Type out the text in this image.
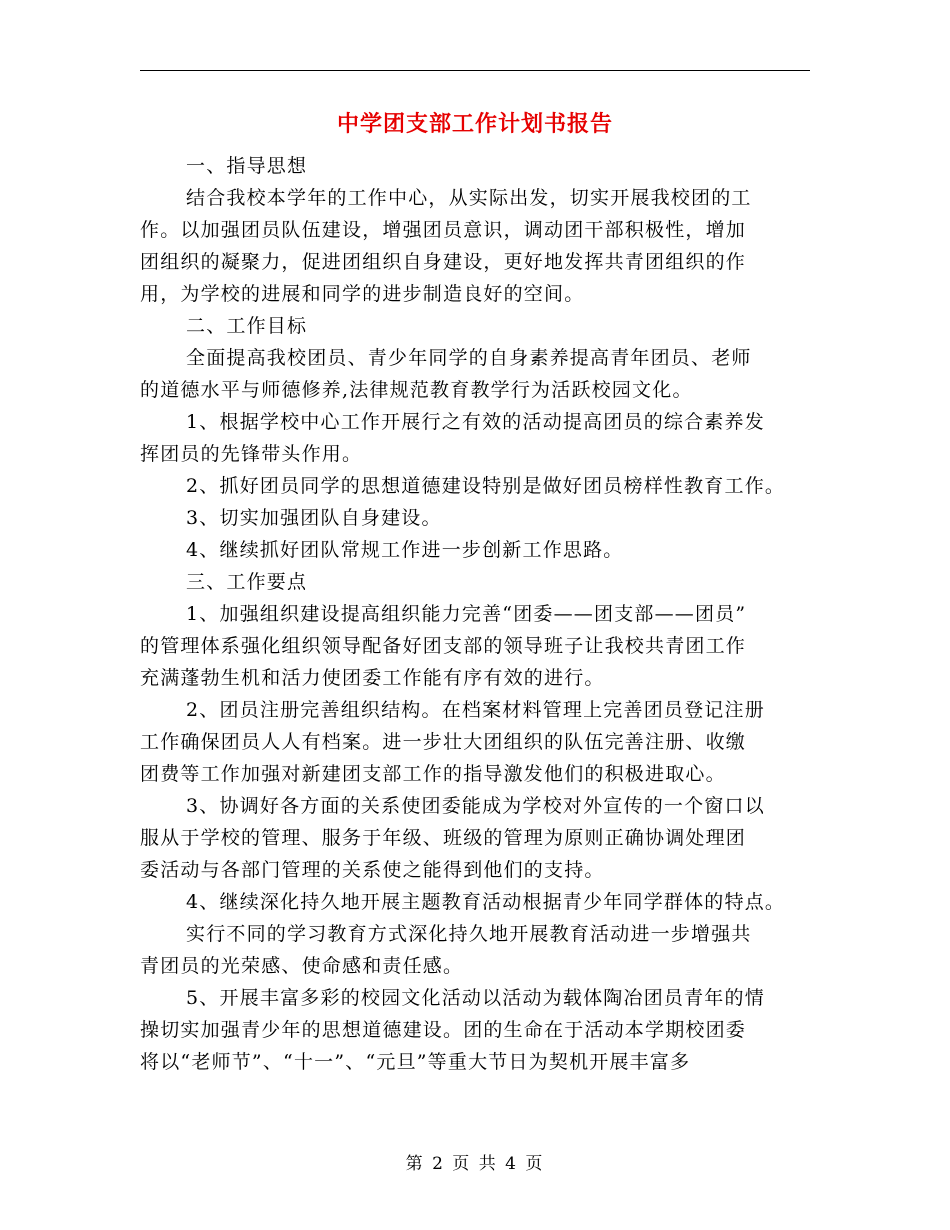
中学团支部工作计划书报告
一、指导思想
结合我校本学年的工作中心，从实际出发，切实开展我校团的工
作。以加强团员队伍建设，增强团员意识，调动团干部积极性，增加
团组织的凝聚力，促进团组织自身建设，更好地发挥共青团组织的作
用，为学校的进展和同学的进步制造良好的空间。
二、工作目标
全面提高我校团员、青少年同学的自身素养提高青年团员、老师
的道德水平与师德修养,法律规范教育教学行为活跃校园文化。
1、根据学校中心工作开展行之有效的活动提高团员的综合素养发
挥团员的先锋带头作用。
2、抓好团员同学的思想道德建设特别是做好团员榜样性教育工作。
3、切实加强团队自身建设。
4、继续抓好团队常规工作进一步创新工作思路。
三、工作要点
1、加强组织建设提高组织能力完善“团委——团支部——团员”
的管理体系强化组织领导配备好团支部的领导班子让我校共青团工作
充满蓬勃生机和活力使团委工作能有序有效的进行。
2、团员注册完善组织结构。在档案材料管理上完善团员登记注册
工作确保团员人人有档案。进一步壮大团组织的队伍完善注册、收缴
团费等工作加强对新建团支部工作的指导激发他们的积极进取心。
3、协调好各方面的关系使团委能成为学校对外宣传的一个窗口以
服从于学校的管理、服务于年级、班级的管理为原则正确协调处理团
委活动与各部门管理的关系使之能得到他们的支持。
4、继续深化持久地开展主题教育活动根据青少年同学群体的特点。
实行不同的学习教育方式深化持久地开展教育活动进一步增强共
青团员的光荣感、使命感和责任感。
5、开展丰富多彩的校园文化活动以活动为载体陶冶团员青年的情
操切实加强青少年的思想道德建设。团的生命在于活动本学期校团委
将以“老师节”、“十一”、“元旦”等重大节日为契机开展丰富多
第 2 页 共 4 页
